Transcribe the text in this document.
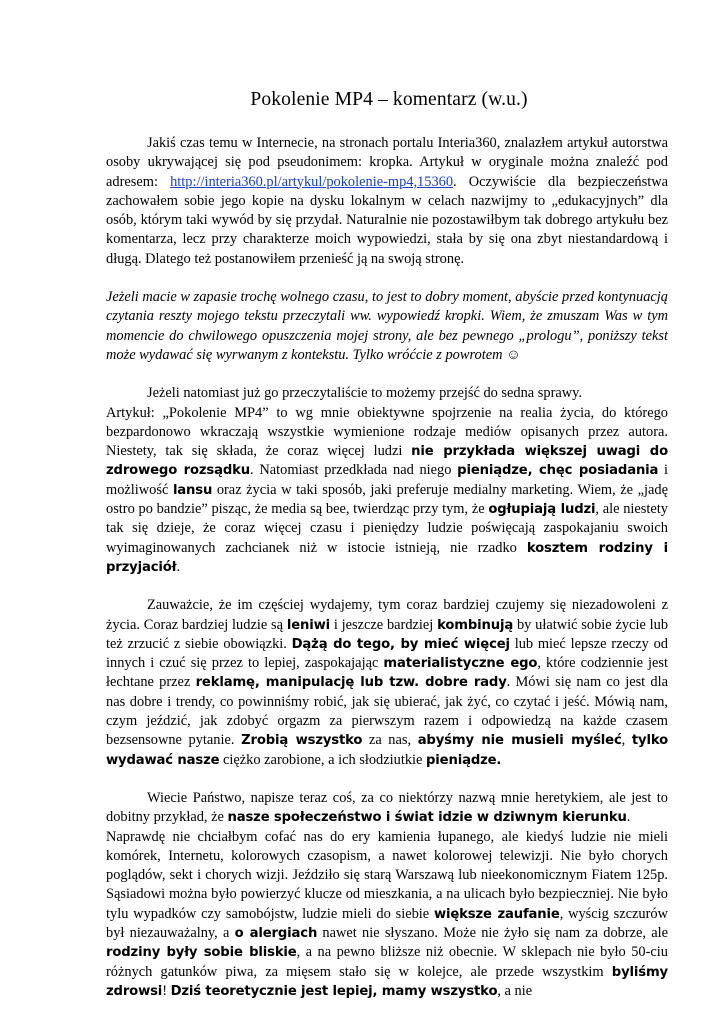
Pokolenie MP4 – komentarz (w.u.)

Jakiś czas temu w Internecie, na stronach portalu Interia360, znalazłem artykuł autorstwa osoby ukrywającej się pod pseudonimem: kropka. Artykuł w oryginale można znaleźć pod adresem: http://interia360.pl/artykul/pokolenie-mp4,15360. Oczywiście dla bezpieczeństwa zachowałem sobie jego kopie na dysku lokalnym w celach nazwijmy to „edukacyjnych” dla osób, którym taki wywód by się przydał. Naturalnie nie pozostawiłbym tak dobrego artykułu bez komentarza, lecz przy charakterze moich wypowiedzi, stała by się ona zbyt niestandardową i długą. Dlatego też postanowiłem przenieść ją na swoją stronę.

Jeżeli macie w zapasie trochę wolnego czasu, to jest to dobry moment, abyście przed kontynuacją czytania reszty mojego tekstu przeczytali ww. wypowiedź kropki. Wiem, że zmuszam Was w tym momencie do chwilowego opuszczenia mojej strony, ale bez pewnego „prologu”, poniższy tekst może wydawać się wyrwanym z kontekstu. Tylko wróćcie z powrotem ☺

Jeżeli natomiast już go przeczytaliście to możemy przejść do sedna sprawy.

Artykuł: „Pokolenie MP4” to wg mnie obiektywne spojrzenie na realia życia, do którego bezpardonowo wkraczają wszystkie wymienione rodzaje mediów opisanych przez autora. Niestety, tak się składa, że coraz więcej ludzi nie przykłada większej uwagi do zdrowego rozsądku. Natomiast przedkłada nad niego pieniądze, chęc posiadania i możliwość lansu oraz życia w taki sposób, jaki preferuje medialny marketing. Wiem, że „jadę ostro po bandzie” pisząc, że media są bee, twierdząc przy tym, że ogłupiają ludzi, ale niestety tak się dzieje, że coraz więcej czasu i pieniędzy ludzie poświęcają zaspokajaniu swoich wyimaginowanych zachcianek niż w istocie istnieją, nie rzadko kosztem rodziny i przyjaciół.

Zauważcie, że im częściej wydajemy, tym coraz bardziej czujemy się niezadowoleni z życia. Coraz bardziej ludzie są leniwi i jeszcze bardziej kombinują by ułatwić sobie życie lub też zrzucić z siebie obowiązki. Dążą do tego, by mieć więcej lub mieć lepsze rzeczy od innych i czuć się przez to lepiej, zaspokajając materialistyczne ego, które codziennie jest łechtane przez reklamę, manipulację lub tzw. dobre rady. Mówi się nam co jest dla nas dobre i trendy, co powinniśmy robić, jak się ubierać, jak żyć, co czytać i jeść. Mówią nam, czym jeździć, jak zdobyć orgazm za pierwszym razem i odpowiedzą na każde czasem bezsensowne pytanie. Zrobią wszystko za nas, abyśmy nie musieli myśleć, tylko wydawać nasze ciężko zarobione, a ich słodziutkie pieniądze.

Wiecie Państwo, napisze teraz coś, za co niektórzy nazwą mnie heretykiem, ale jest to dobitny przykład, że nasze społeczeństwo i świat idzie w dziwnym kierunku.

Naprawdę nie chciałbym cofać nas do ery kamienia łupanego, ale kiedyś ludzie nie mieli komórek, Internetu, kolorowych czasopism, a nawet kolorowej telewizji. Nie było chorych poglądów, sekt i chorych wizji. Jeździło się starą Warszawą lub nieekonomicznym Fiatem 125p. Sąsiadowi można było powierzyć klucze od mieszkania, a na ulicach było bezpieczniej. Nie było tylu wypadków czy samobójstw, ludzie mieli do siebie większe zaufanie, wyścig szczurów był niezauważalny, a o alergiach nawet nie słyszano. Może nie żyło się nam za dobrze, ale rodziny były sobie bliskie, a na pewno bliższe niż obecnie. W sklepach nie było 50-ciu różnych gatunków piwa, za mięsem stało się w kolejce, ale przede wszystkim byliśmy zdrowsi! Dziś teoretycznie jest lepiej, mamy wszystko, a nie
